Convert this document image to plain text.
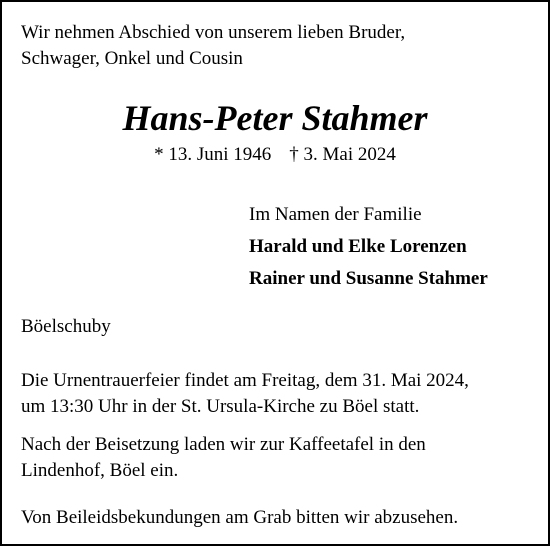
Wir nehmen Abschied von unserem lieben Bruder,
Schwager, Onkel und Cousin
Hans-Peter Stahmer
* 13. Juni 1946 † 3. Mai 2024
Im Namen der Familie
Harald und Elke Lorenzen
Rainer und Susanne Stahmer
Böelschuby
Die Urnentrauerfeier findet am Freitag, dem 31. Mai 2024,
um 13:30 Uhr in der St. Ursula-Kirche zu Böel statt.
Nach der Beisetzung laden wir zur Kaffeetafel in den
Lindenhof, Böel ein.
Von Beileidsbekundungen am Grab bitten wir abzusehen.
